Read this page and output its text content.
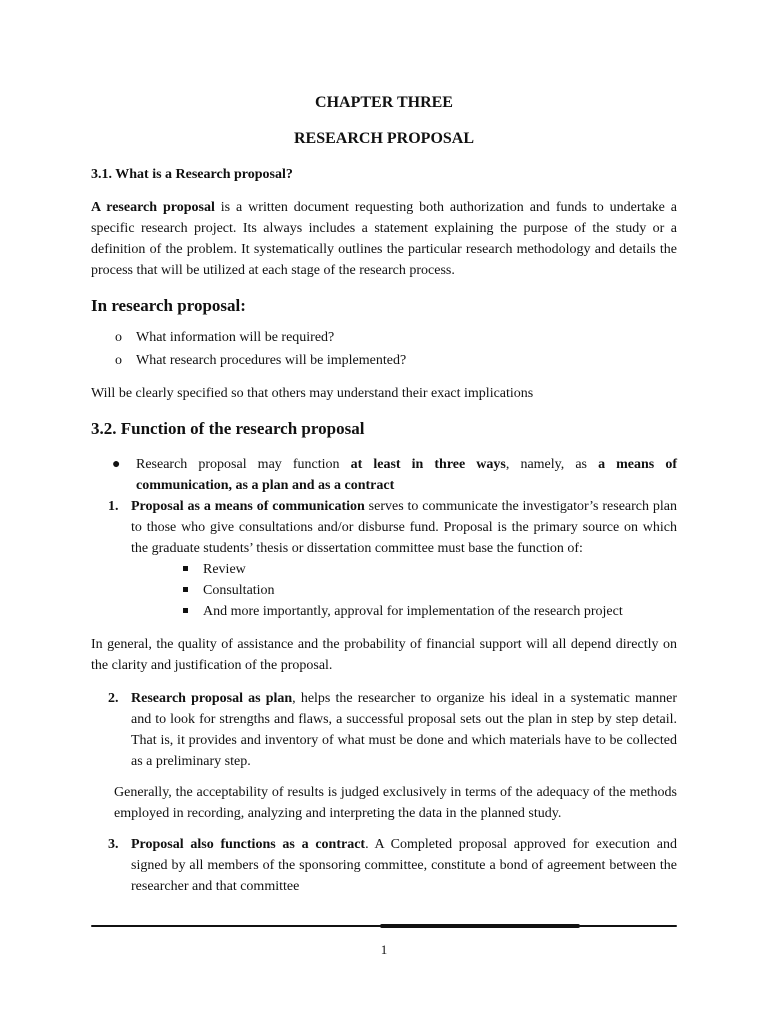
CHAPTER THREE
RESEARCH PROPOSAL
3.1. What is a Research proposal?

A research proposal is a written document requesting both authorization and funds to undertake a specific research project. Its always includes a statement explaining the purpose of the study or a definition of the problem. It systematically outlines the particular research methodology and details the process that will be utilized at each stage of the research process.

In research proposal:
o What information will be required?
o What research procedures will be implemented?

Will be clearly specified so that others may understand their exact implications

3.2. Function of the research proposal

● Research proposal may function at least in three ways, namely, as a means of communication, as a plan and as a contract

1. Proposal as a means of communication serves to communicate the investigator’s research plan to those who give consultations and/or disburse fund. Proposal is the primary source on which the graduate students’ thesis or dissertation committee must base the function of:

Review
Consultation
And more importantly, approval for implementation of the research project

In general, the quality of assistance and the probability of financial support will all depend directly on the clarity and justification of the proposal.

2. Research proposal as plan, helps the researcher to organize his ideal in a systematic manner and to look for strengths and flaws, a successful proposal sets out the plan in step by step detail. That is, it provides and inventory of what must be done and which materials have to be collected as a preliminary step.

Generally, the acceptability of results is judged exclusively in terms of the adequacy of the methods employed in recording, analyzing and interpreting the data in the planned study.

3. Proposal also functions as a contract. A Completed proposal approved for execution and signed by all members of the sponsoring committee, constitute a bond of agreement between the researcher and that committee

1
